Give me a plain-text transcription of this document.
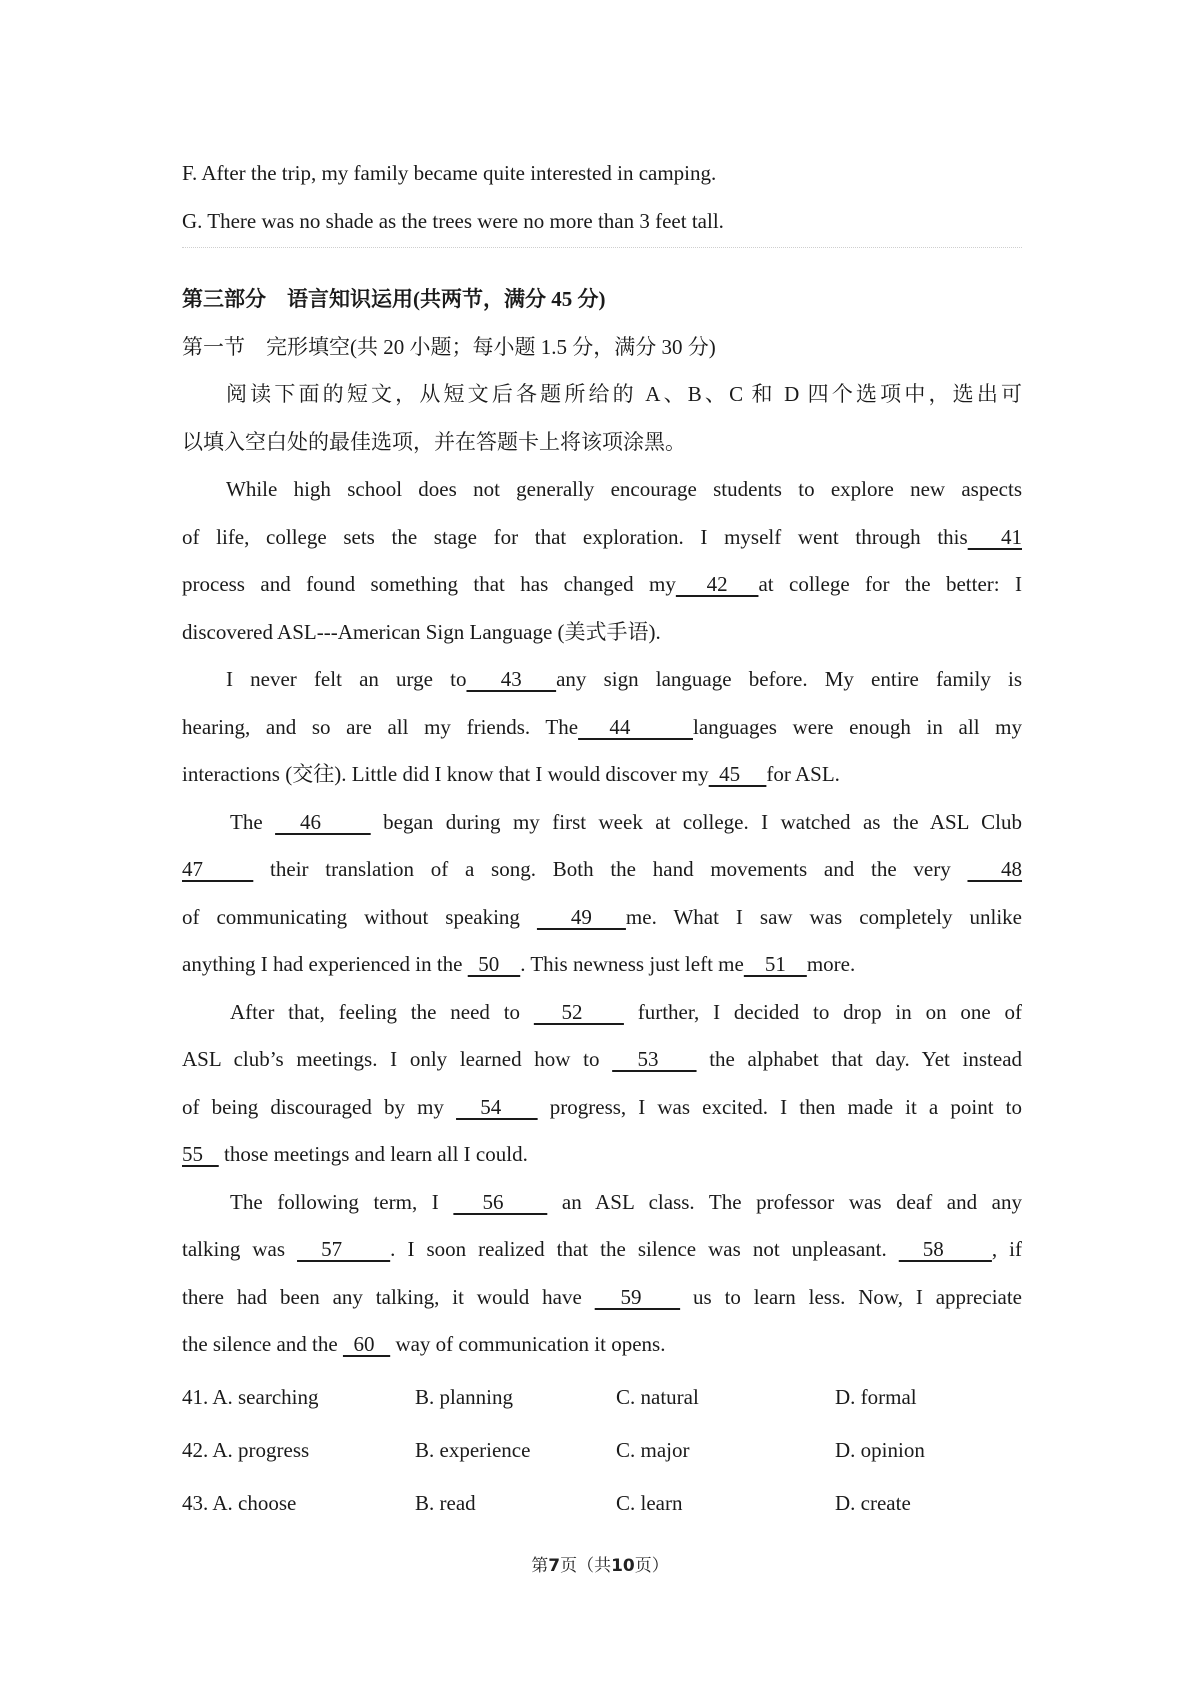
F. After the trip, my family became quite interested in camping.
G. There was no shade as the trees were no more than 3 feet tall.
第三部分　语言知识运用(共两节，满分 45 分)
第一节　完形填空(共 20 小题；每小题 1.5 分，满分 30 分)
阅读下面的短文，从短文后各题所给的 A、B、C 和 D 四个选项中，选出可
以填入空白处的最佳选项，并在答题卡上将该项涂黑。
While high school does not generally encourage students to explore new aspects
of life, college sets the stage for that exploration. I myself went through this  41
process and found something that has changed my  42  at college for the better: I
discovered ASL---American Sign Language (美式手语).
I never felt an urge to  43  any sign language before. My entire family is
hearing, and so are all my friends. The  44    languages were enough in all my
interactions (交往). Little did I know that I would discover my  45     for ASL.
The   46     began during my first week at college. I watched as the ASL Club
47    their translation of a song. Both the hand movements and the very   48
of communicating without speaking   49  me. What I saw was completely unlike
anything I had experienced in the   50    . This newness just left me    51    more.
After that, feeling the need to   52    further, I decided to drop in on one of
ASL club’s meetings. I only learned how to   53    the alphabet that day. Yet instead
of being discouraged by my   54    progress, I was excited. I then made it a point to
55    those meetings and learn all I could.
The following term, I   56    an ASL class. The professor was deaf and any
talking was   57    . I soon realized that the silence was not unpleasant.   58    , if
there had been any talking, it would have   59    us to learn less. Now, I appreciate
the silence and the   60    way of communication it opens.
41. A. searching	B. planning	C. natural	D. formal
42. A. progress	B. experience	C. major	D. opinion
43. A. choose	B. read	C. learn	D. create
第7页（共10页）
